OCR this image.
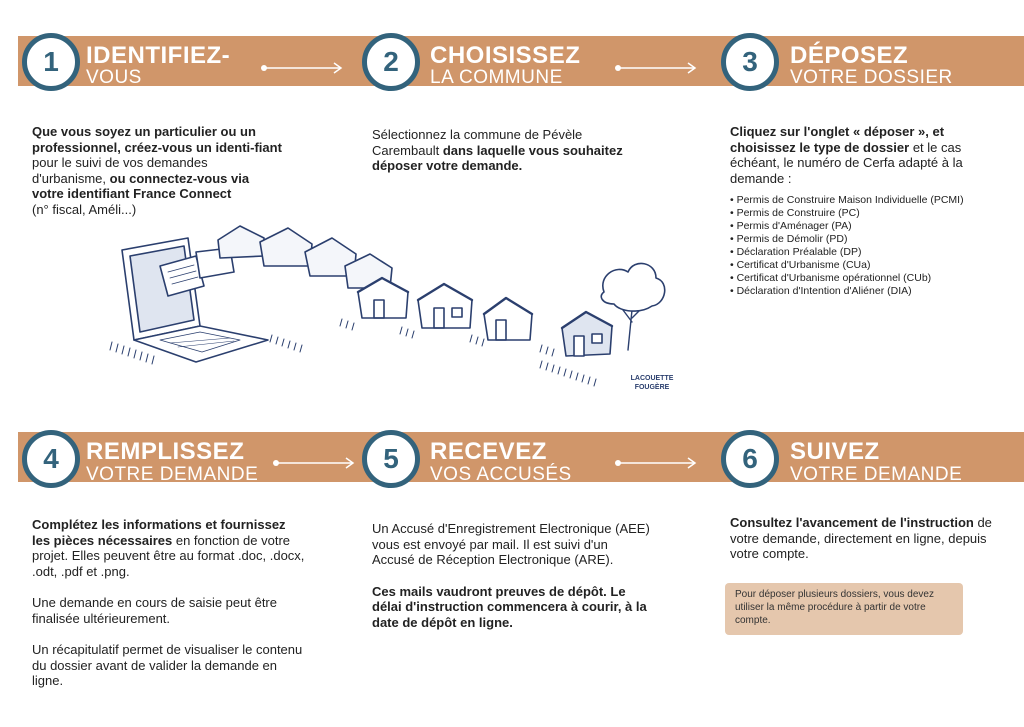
1	IDENTIFIEZ-
VOUS
2	CHOISISSEZ
LA COMMUNE
3	DÉPOSEZ
VOTRE DOSSIER
4	REMPLISSEZ
VOTRE DEMANDE
5	RECEVEZ
VOS ACCUSÉS
6	SUIVEZ
VOTRE DEMANDE
Que vous soyez un particulier ou un professionnel, créez-vous un identi-fiant pour le suivi de vos demandes d'urbanisme, ou connectez-vous via votre identifiant France Connect
(n° fiscal, Améli...)
Sélectionnez la commune de Pévèle Carembault dans laquelle vous souhaitez déposer votre demande.
Cliquez sur l'onglet « déposer », et choisissez le type de dossier et le cas échéant, le numéro de Cerfa adapté à la demande :
• Permis de Construire Maison Individuelle (PCMI)
• Permis de Construire (PC)
• Permis d'Aménager (PA)
• Permis de Démolir (PD)
• Déclaration Préalable (DP)
• Certificat d'Urbanisme (CUa)
• Certificat d'Urbanisme opérationnel (CUb)
• Déclaration d'Intention d'Aliéner (DIA)
LACOUETTE FOUGÈRE

Complétez les informations et fournissez les pièces nécessaires en fonction de votre projet. Elles peuvent être au format .doc, .docx, .odt, .pdf et .png.

Une demande en cours de saisie peut être finalisée ultérieurement.

Un récapitulatif permet de visualiser le contenu du dossier avant de valider la demande en ligne.

Un Accusé d'Enregistrement Electronique (AEE) vous est envoyé par mail. Il est suivi d'un Accusé de Réception Electronique (ARE).

Ces mails vaudront preuves de dépôt. Le délai d'instruction commencera à courir, à la date de dépôt en ligne.

Consultez l'avancement de l'instruction de votre demande, directement en ligne, depuis votre compte.
Pour déposer plusieurs dossiers, vous devez utiliser la même procédure à partir de votre compte.
